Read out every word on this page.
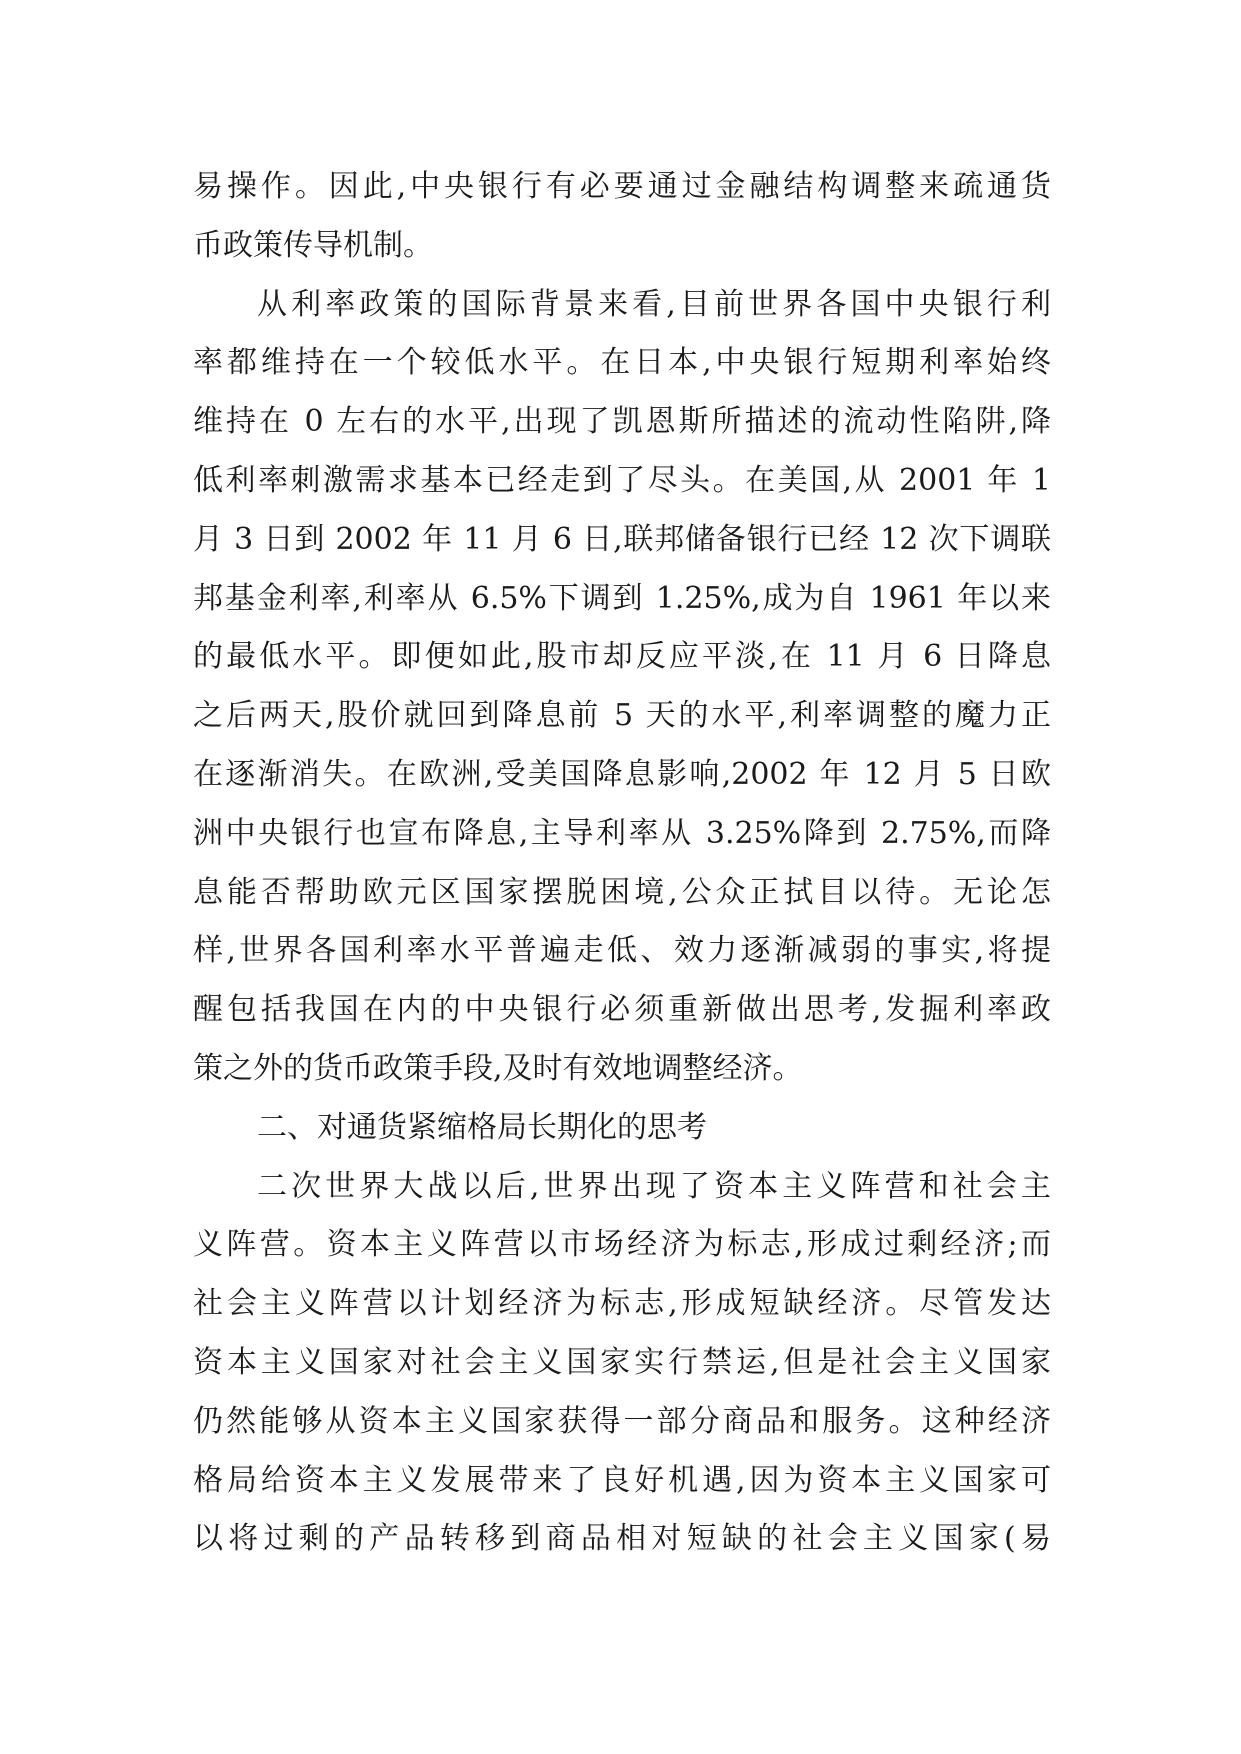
易操作。因此,中央银行有必要通过金融结构调整来疏通货
币政策传导机制。
从利率政策的国际背景来看,目前世界各国中央银行利
率都维持在一个较低水平。在日本,中央银行短期利率始终
维持在 0 左右的水平,出现了凯恩斯所描述的流动性陷阱,降
低利率刺激需求基本已经走到了尽头。在美国,从 2001 年 1
月 3 日到 2002 年 11 月 6 日,联邦储备银行已经 12 次下调联
邦基金利率,利率从 6.5%下调到 1.25%,成为自 1961 年以来
的最低水平。即便如此,股市却反应平淡,在 11 月 6 日降息
之后两天,股价就回到降息前 5 天的水平,利率调整的魔力正
在逐渐消失。在欧洲,受美国降息影响,2002 年 12 月 5 日欧
洲中央银行也宣布降息,主导利率从 3.25%降到 2.75%,而降
息能否帮助欧元区国家摆脱困境,公众正拭目以待。无论怎
样,世界各国利率水平普遍走低、效力逐渐减弱的事实,将提
醒包括我国在内的中央银行必须重新做出思考,发掘利率政
策之外的货币政策手段,及时有效地调整经济。
二、对通货紧缩格局长期化的思考
二次世界大战以后,世界出现了资本主义阵营和社会主
义阵营。资本主义阵营以市场经济为标志,形成过剩经济;而
社会主义阵营以计划经济为标志,形成短缺经济。尽管发达
资本主义国家对社会主义国家实行禁运,但是社会主义国家
仍然能够从资本主义国家获得一部分商品和服务。这种经济
格局给资本主义发展带来了良好机遇,因为资本主义国家可
以将过剩的产品转移到商品相对短缺的社会主义国家(易
